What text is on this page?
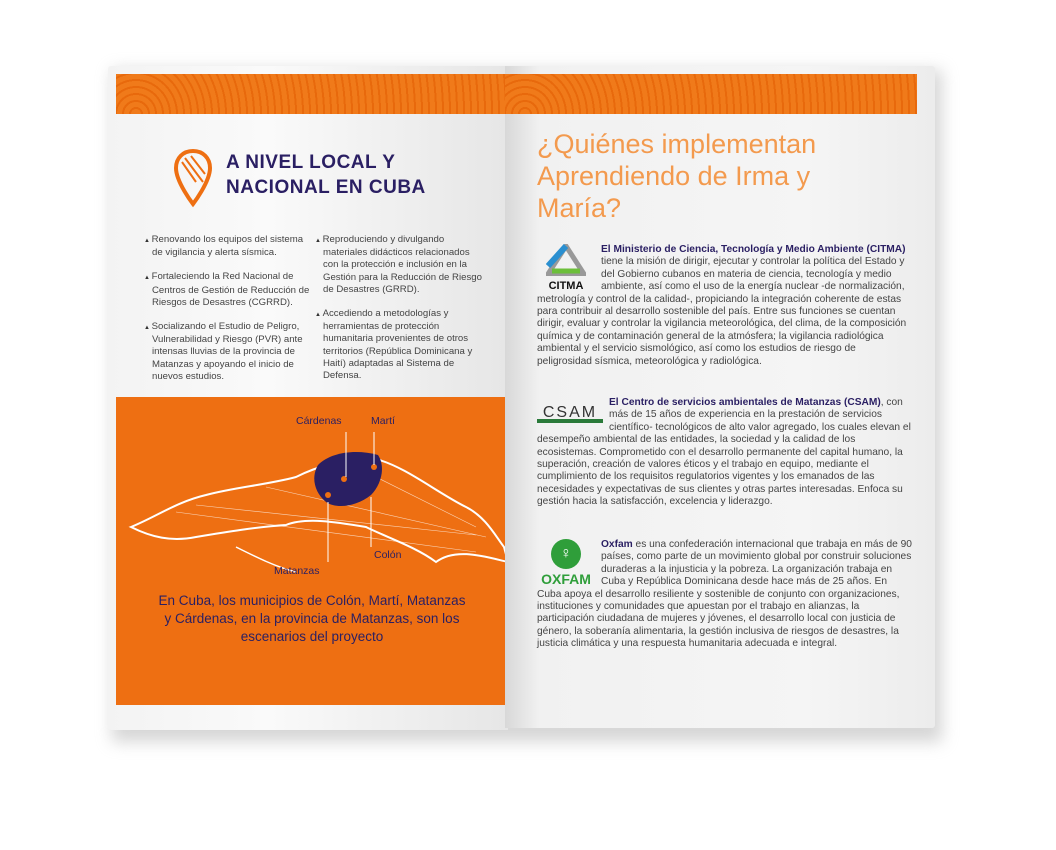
A NIVEL LOCAL Y
NACIONAL EN CUBA

▲ Renovando los equipos del sistema de vigilancia y alerta sísmica.

▲ Fortaleciendo la Red Nacional de Centros de Gestión de Reducción de Riesgos de Desastres (CGRRD).

▲ Socializando el Estudio de Peligro, Vulnerabilidad y Riesgo (PVR) ante intensas lluvias de la provincia de Matanzas y apoyando el inicio de nuevos estudios.

▲ Reproduciendo y divulgando materiales didácticos relacionados con la protección e inclusión en la Gestión para la Reducción de Riesgo de Desastres (GRRD).

▲ Accediendo a metodologías y herramientas de protección humanitaria provenientes de otros territorios (República Dominicana y Haití) adaptadas al Sistema de Defensa.

Cárdenas	Martí
Matanzas
Colón
En Cuba, los municipios de Colón, Martí, Matanzas y Cárdenas, en la provincia de Matanzas, son los escenarios del proyecto
¿Quiénes implementan Aprendiendo de Irma y María?
CITMA
El Ministerio de Ciencia, Tecnología y Medio Ambiente (CITMA) tiene la misión de dirigir, ejecutar y controlar la política del Estado y del Gobierno cubanos en materia de ciencia, tecnología y medio ambiente, así como el uso de la energía nuclear -de normalización, metrología y control de la calidad-, propiciando la integración coherente de estas para contribuir al desarrollo sostenible del país. Entre sus funciones se cuentan dirigir, evaluar y controlar la vigilancia meteorológica, del clima, de la composición química y de contaminación general de la atmósfera; la vigilancia radiológica ambiental y el servicio sismológico, así como los estudios de riesgo de peligrosidad sísmica, meteorológica y radiológica.
CSAM
El Centro de servicios ambientales de Matanzas (CSAM), con más de 15 años de experiencia en la prestación de servicios científico- tecnológicos de alto valor agregado, los cuales elevan el desempeño ambiental de las entidades, la sociedad y la calidad de los ecosistemas. Comprometido con el desarrollo permanente del capital humano, la superación, creación de valores éticos y el trabajo en equipo, mediante el cumplimiento de los requisitos regulatorios vigentes y los emanados de las necesidades y expectativas de sus clientes y otras partes interesadas. Enfoca su gestión hacia la satisfacción, excelencia y liderazgo.
♀
OXFAM
Oxfam es una confederación internacional que trabaja en más de 90 países, como parte de un movimiento global por construir soluciones duraderas a la injusticia y la pobreza. La organización trabaja en Cuba y República Dominicana desde hace más de 25 años. En Cuba apoya el desarrollo resiliente y sostenible de conjunto con organizaciones, instituciones y comunidades que apuestan por el trabajo en alianzas, la participación ciudadana de mujeres y jóvenes, el desarrollo local con justicia de género, la soberanía alimentaria, la gestión inclusiva de riesgos de desastres, la justicia climática y una respuesta humanitaria adecuada e integral.
